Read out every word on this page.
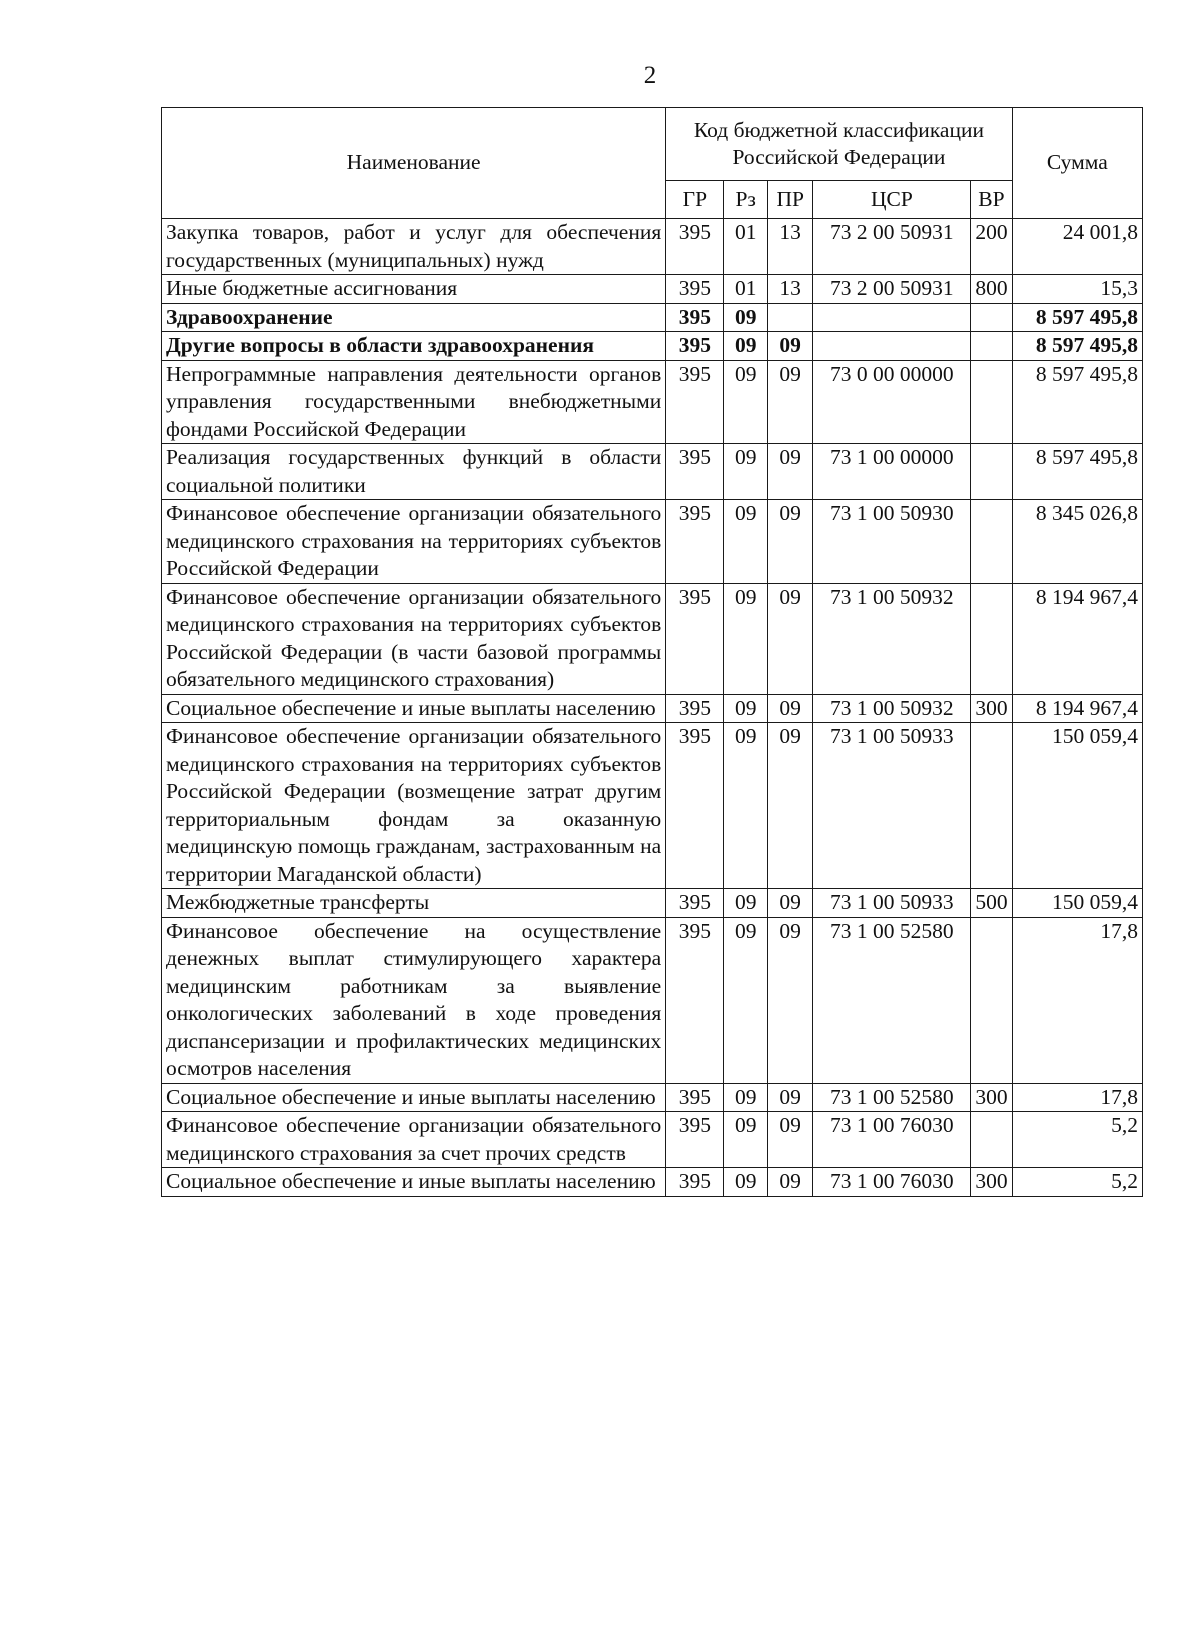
2
Наименование	Код бюджетной классификации Российской Федерации					Сумма
	ГР	Рз	ПР	ЦСР	ВР	
Закупка товаров, работ и услуг для обеспечения государственных (муниципальных) нужд	395	01	13	73 2 00 50931	200	24 001,8
Иные бюджетные ассигнования	395	01	13	73 2 00 50931	800	15,3
Здравоохранение	395	09				8 597 495,8
Другие вопросы в области здравоохранения	395	09	09			8 597 495,8
Непрограммные направления деятельности органов управления государственными внебюджетными фондами Российской Федерации	395	09	09	73 0 00 00000		8 597 495,8
Реализация государственных функций в области социальной политики	395	09	09	73 1 00 00000		8 597 495,8
Финансовое обеспечение организации обязательного медицинского страхования на территориях субъектов Российской Федерации	395	09	09	73 1 00 50930		8 345 026,8
Финансовое обеспечение организации обязательного медицинского страхования на территориях субъектов Российской Федерации (в части базовой программы обязательного медицинского страхования)	395	09	09	73 1 00 50932		8 194 967,4
Социальное обеспечение и иные выплаты населению	395	09	09	73 1 00 50932	300	8 194 967,4
Финансовое обеспечение организации обязательного медицинского страхования на территориях субъектов Российской Федерации (возмещение затрат другим территориальным фондам за оказанную медицинскую помощь гражданам, застрахованным на территории Магаданской области)	395	09	09	73 1 00 50933		150 059,4
Межбюджетные трансферты	395	09	09	73 1 00 50933	500	150 059,4
Финансовое обеспечение на осуществление денежных выплат стимулирующего характера медицинским работникам за выявление онкологических заболеваний в ходе проведения диспансеризации и профилактических медицинских осмотров населения	395	09	09	73 1 00 52580		17,8
Социальное обеспечение и иные выплаты населению	395	09	09	73 1 00 52580	300	17,8
Финансовое обеспечение организации обязательного медицинского страхования за счет прочих средств	395	09	09	73 1 00 76030		5,2
Социальное обеспечение и иные выплаты населению	395	09	09	73 1 00 76030	300	5,2
